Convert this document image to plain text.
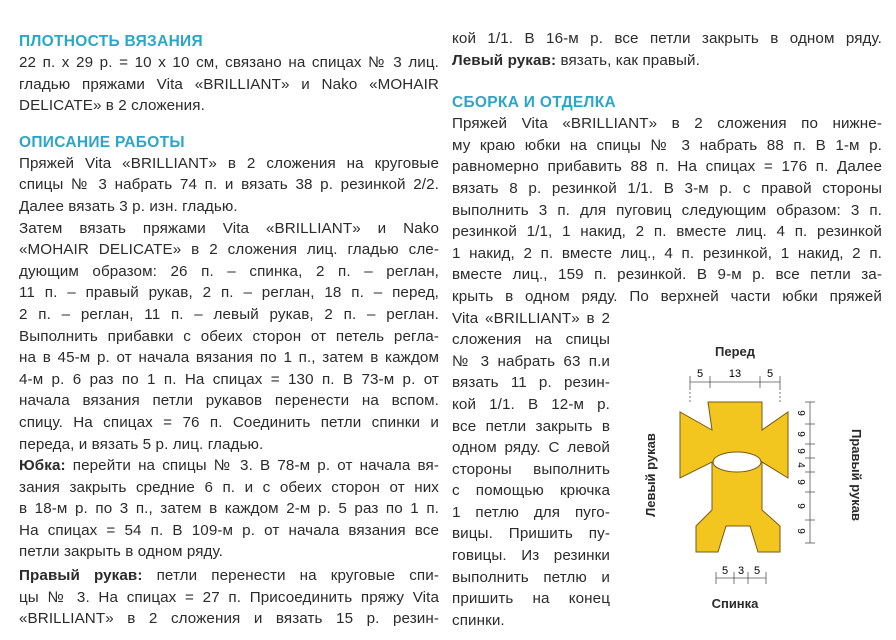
ПЛОТНОСТЬ ВЯЗАНИЯ
22 п. х 29 р. = 10 х 10 см, связано на спицах № 3 лиц.
гладью пряжами Vita «BRILLIANT» и Nako «MOHAIR
DELICATE» в 2 сложения.
ОПИСАНИЕ РАБОТЫ
Пряжей Vita «BRILLIANT» в 2 сложения на круговые
спицы № 3 набрать 74 п. и вязать 38 р. резинкой 2/2.
Далее вязать 3 р. изн. гладью.
Затем вязать пряжами Vita «BRILLIANT» и Nako
«MOHAIR DELICATE» в 2 сложения лиц. гладью сле-
дующим образом: 26 п. – спинка, 2 п. – реглан,
11 п. – правый рукав, 2 п. – реглан, 18 п. – перед,
2 п. – реглан, 11 п. – левый рукав, 2 п. – реглан.
Выполнить прибавки с обеих сторон от петель регла-
на в 45-м р. от начала вязания по 1 п., затем в каждом
4-м р. 6 раз по 1 п. На спицах = 130 п. В 73-м р. от
начала вязания петли рукавов перенести на вспом.
спицу. На спицах = 76 п. Соединить петли спинки и
переда, и вязать 5 р. лиц. гладью.
Юбка: перейти на спицы № 3. В 78-м р. от начала вя-
зания закрыть средние 6 п. и с обеих сторон от них
в 18-м р. по 3 п., затем в каждом 2-м р. 5 раз по 1 п.
На спицах = 54 п. В 109-м р. от начала вязания все
петли закрыть в одном ряду.
Правый рукав: петли перенести на круговые спи-
цы № 3. На спицах = 27 п. Присоединить пряжу Vita
«BRILLIANT» в 2 сложения и вязать 15 р. резин-
кой 1/1. В 16-м р. все петли закрыть в одном ряду.
Левый рукав: вязать, как правый.
СБОРКА И ОТДЕЛКА
Пряжей Vita «BRILLIANT» в 2 сложения по нижне-
му краю юбки на спицы № 3 набрать 88 п. В 1-м р.
равномерно прибавить 88 п. На спицах = 176 п. Далее
вязать 8 р. резинкой 1/1. В 3-м р. с правой стороны
выполнить 3 п. для пуговиц следующим образом: 3 п.
резинкой 1/1, 1 накид, 2 п. вместе лиц. 4 п. резинкой
1 накид, 2 п. вместе лиц., 4 п. резинкой, 1 накид, 2 п.
вместе лиц., 159 п. резинкой. В 9-м р. все петли за-
крыть в одном ряду. По верхней части юбки пряжей
Vita «BRILLIANT» в 2
сложения на спицы
№ 3 набрать 63 п.и
вязать 11 р. резин-
кой 1/1. В 12-м р.
все петли закрыть в
одном ряду. С левой
стороны выполнить
с помощью крючка
1 петлю для пуго-
вицы. Пришить пу-
говицы. Из резинки
выполнить петлю и
пришить на конец
спинки.
Перед
Спинка
Левый рукав	Правый рукав
5 13 5
5 3 5
9
9
9
4
9
9
9
